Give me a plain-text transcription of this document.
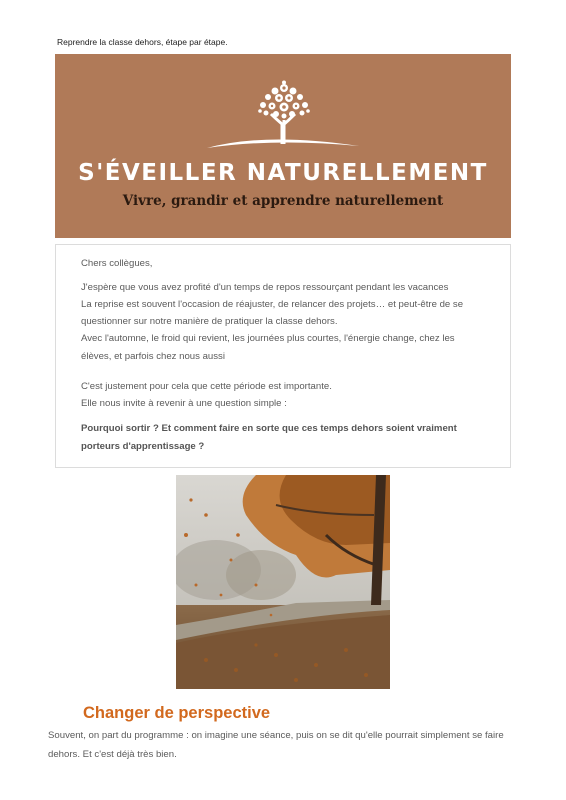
Reprendre la classe dehors, étape par étape.
S'ÉVEILLER NATURELLEMENT
Vivre, grandir et apprendre naturellement

Chers collègues,

J'espère que vous avez profité d'un temps de repos ressourçant pendant les vacances

La reprise est souvent l'occasion de réajuster, de relancer des projets… et peut-être de se questionner sur notre manière de pratiquer la classe dehors.

Avec l'automne, le froid qui revient, les journées plus courtes, l'énergie change, chez les élèves, et parfois chez nous aussi

C'est justement pour cela que cette période est importante.

Elle nous invite à revenir à une question simple :

Pourquoi sortir ? Et comment faire en sorte que ces temps dehors soient vraiment porteurs d'apprentissage ?

Changer de perspective

Souvent, on part du programme : on imagine une séance, puis on se dit qu'elle pourrait simplement se faire dehors. Et c'est déjà très bien.
